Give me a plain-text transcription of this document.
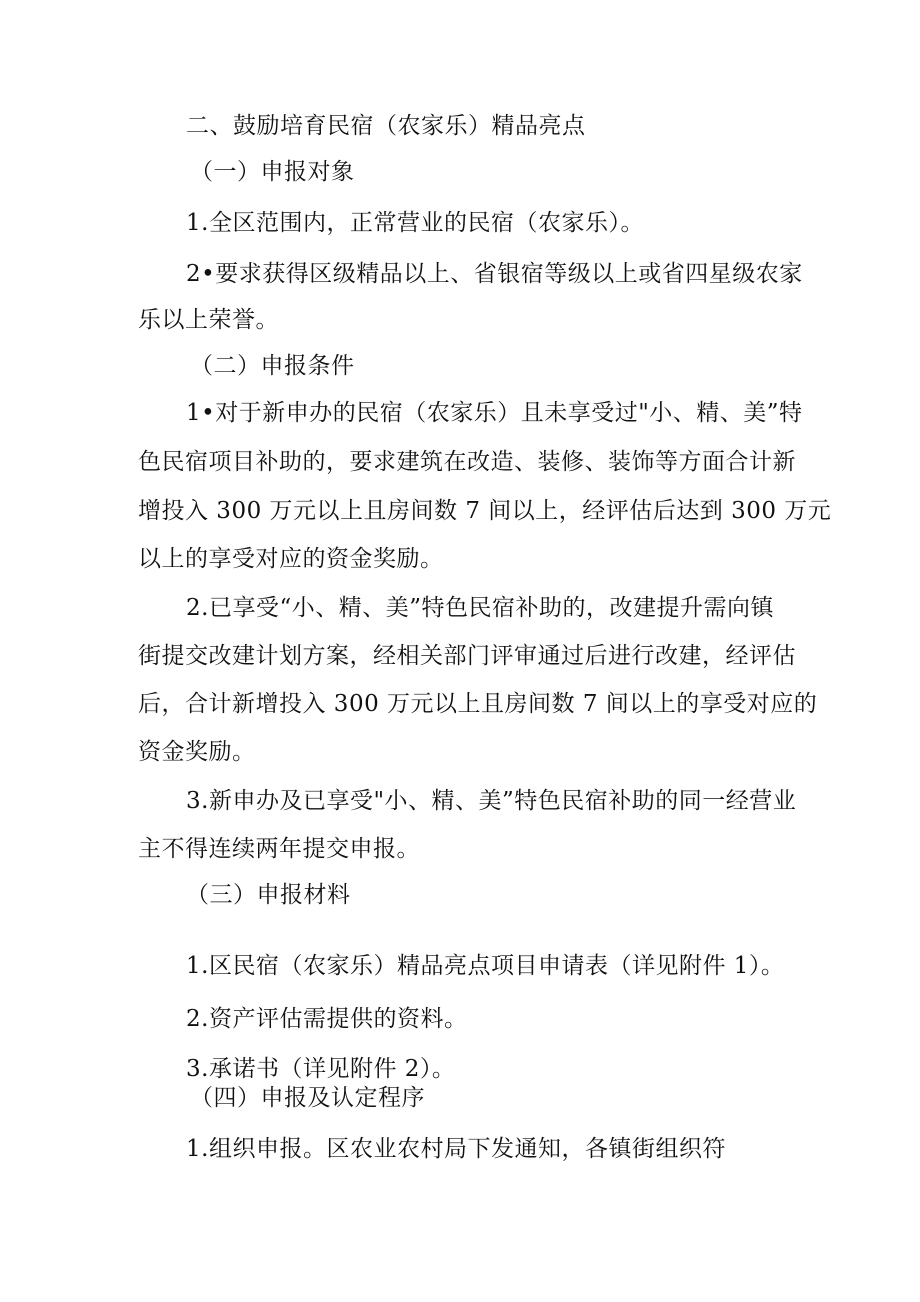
二、鼓励培育民宿（农家乐）精品亮点
（一）申报对象
1.全区范围内，正常营业的民宿（农家乐）。
2•要求获得区级精品以上、省银宿等级以上或省四星级农家
乐以上荣誉。
（二）申报条件
1•对于新申办的民宿（农家乐）且未享受过"小、精、美”特
色民宿项目补助的，要求建筑在改造、装修、装饰等方面合计新
增投入 300 万元以上且房间数 7 间以上，经评估后达到 300 万元
以上的享受对应的资金奖励。
2.已享受“小、精、美”特色民宿补助的，改建提升需向镇
街提交改建计划方案，经相关部门评审通过后进行改建，经评估
后，合计新增投入 300 万元以上且房间数 7 间以上的享受对应的
资金奖励。
3.新申办及已享受"小、精、美”特色民宿补助的同一经营业
主不得连续两年提交申报。
（三）申报材料
1.区民宿（农家乐）精品亮点项目申请表（详见附件 1）。
2.资产评估需提供的资料。
3.承诺书（详见附件 2）。
（四）申报及认定程序
1.组织申报。区农业农村局下发通知，各镇街组织符
